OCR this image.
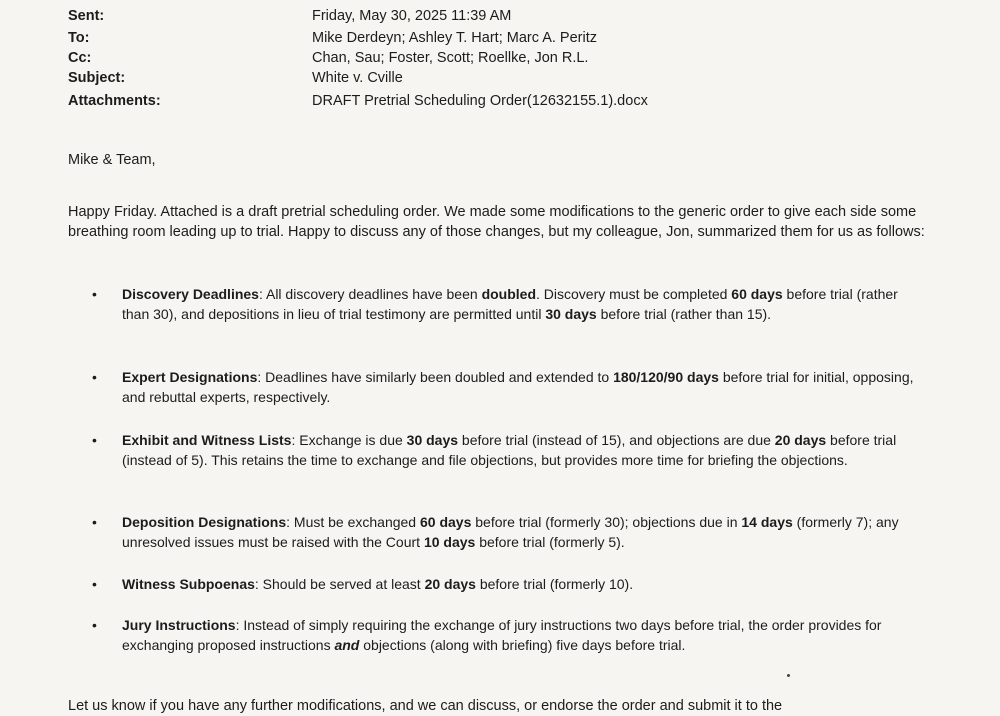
Sent:	Friday, May 30, 2025 11:39 AM
To:	Mike Derdeyn; Ashley T. Hart; Marc A. Peritz
Cc:	Chan, Sau; Foster, Scott; Roellke, Jon R.L.
Subject:	White v. Cville
Attachments:	DRAFT Pretrial Scheduling Order(12632155.1).docx
Mike & Team,
Happy Friday. Attached is a draft pretrial scheduling order. We made some modifications to the generic order to give each side some breathing room leading up to trial. Happy to discuss any of those changes, but my colleague, Jon, summarized them for us as follows:
• Discovery Deadlines: All discovery deadlines have been doubled. Discovery must be completed 60 days before trial (rather than 30), and depositions in lieu of trial testimony are permitted until 30 days before trial (rather than 15).
• Expert Designations: Deadlines have similarly been doubled and extended to 180/120/90 days before trial for initial, opposing, and rebuttal experts, respectively.
• Exhibit and Witness Lists: Exchange is due 30 days before trial (instead of 15), and objections are due 20 days before trial (instead of 5). This retains the time to exchange and file objections, but provides more time for briefing the objections.
• Deposition Designations: Must be exchanged 60 days before trial (formerly 30); objections due in 14 days (formerly 7); any unresolved issues must be raised with the Court 10 days before trial (formerly 5).
• Witness Subpoenas: Should be served at least 20 days before trial (formerly 10).
• Jury Instructions: Instead of simply requiring the exchange of jury instructions two days before trial, the order provides for exchanging proposed instructions and objections (along with briefing) five days before trial.
Let us know if you have any further modifications, and we can discuss, or endorse the order and submit it to the
